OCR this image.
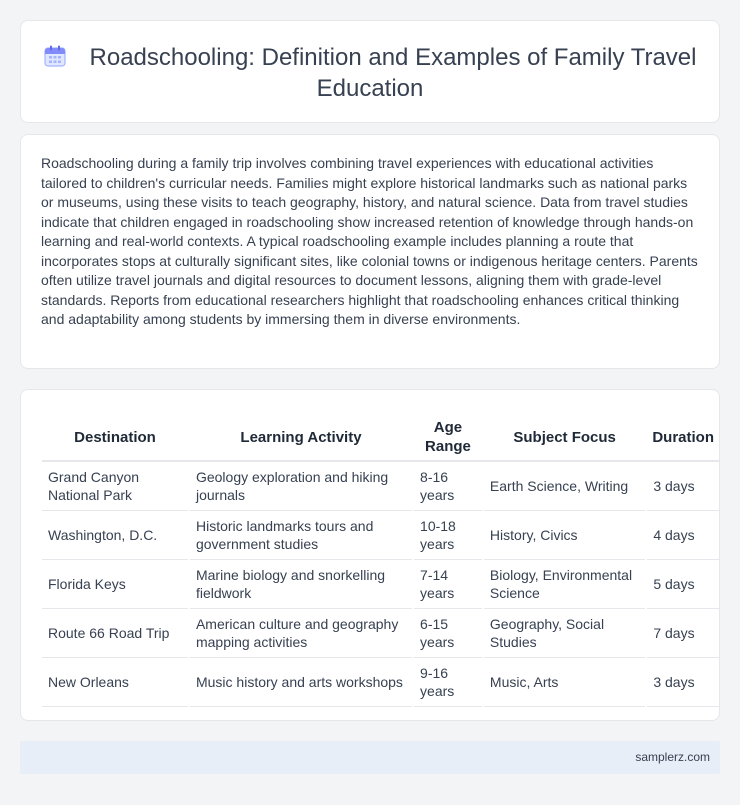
Roadschooling: Definition and Examples of Family Travel Education

Roadschooling during a family trip involves combining travel experiences with educational activities tailored to children's curricular needs. Families might explore historical landmarks such as national parks or museums, using these visits to teach geography, history, and natural science. Data from travel studies indicate that children engaged in roadschooling show increased retention of knowledge through hands-on learning and real-world contexts. A typical roadschooling example includes planning a route that incorporates stops at culturally significant sites, like colonial towns or indigenous heritage centers. Parents often utilize travel journals and digital resources to document lessons, aligning them with grade-level standards. Reports from educational researchers highlight that roadschooling enhances critical thinking and adaptability among students by immersing them in diverse environments.

Destination	Learning Activity	Age Range	Subject Focus	Duration
Grand Canyon National Park	Geology exploration and hiking journals	8-16 years	Earth Science, Writing	3 days
Washington, D.C.	Historic landmarks tours and government studies	10-18 years	History, Civics	4 days
Florida Keys	Marine biology and snorkelling fieldwork	7-14 years	Biology, Environmental Science	5 days
Route 66 Road Trip	American culture and geography mapping activities	6-15 years	Geography, Social Studies	7 days
New Orleans	Music history and arts workshops	9-16 years	Music, Arts	3 days
samplerz.com
